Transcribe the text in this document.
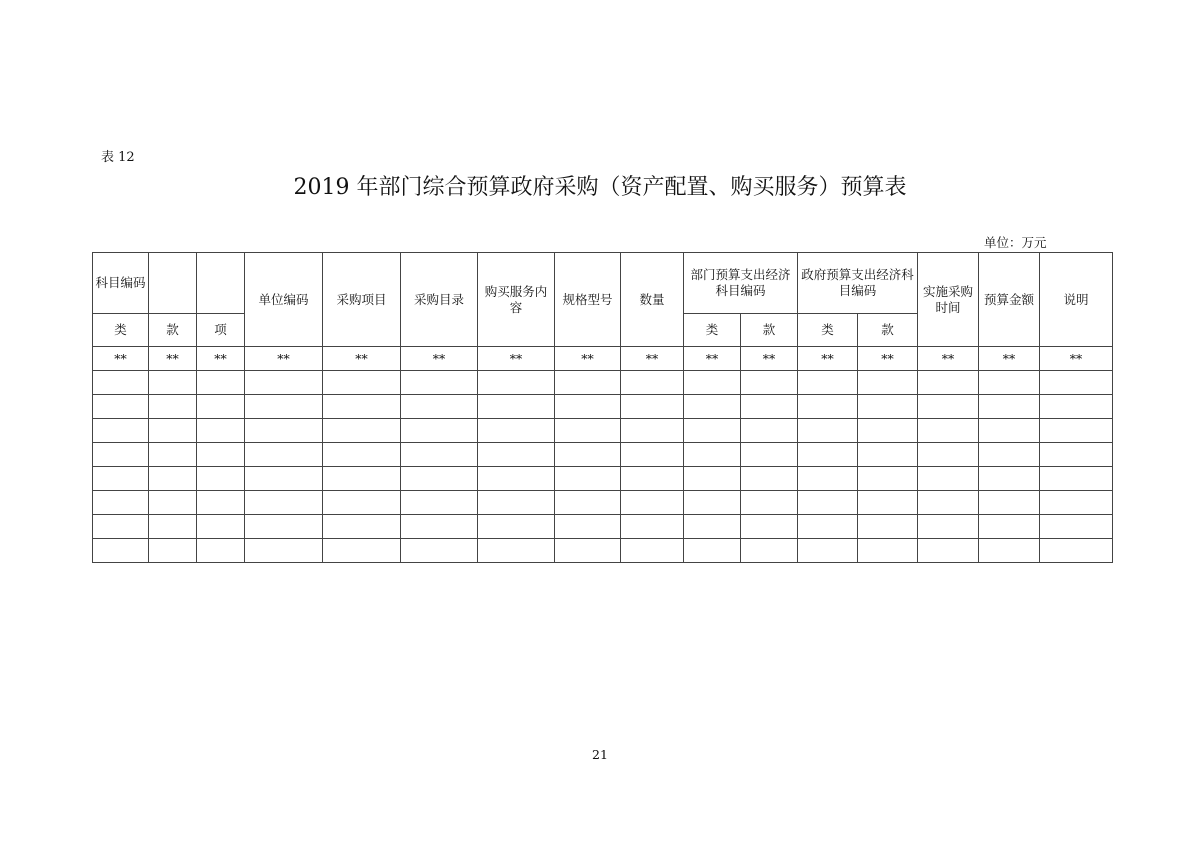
表 12
2019 年部门综合预算政府采购（资产配置、购买服务）预算表
单位：万元
科目编码			单位编码	采购项目	采购目录	购买服务内容	规格型号	数量	部门预算支出经济科目编码		政府预算支出经济科目编码		实施采购时间	预算金额	说明
类	款	项							类	款	类	款			
**	**	**	**	**	**	**	**	**	**	**	**	**	**	**	**

21
